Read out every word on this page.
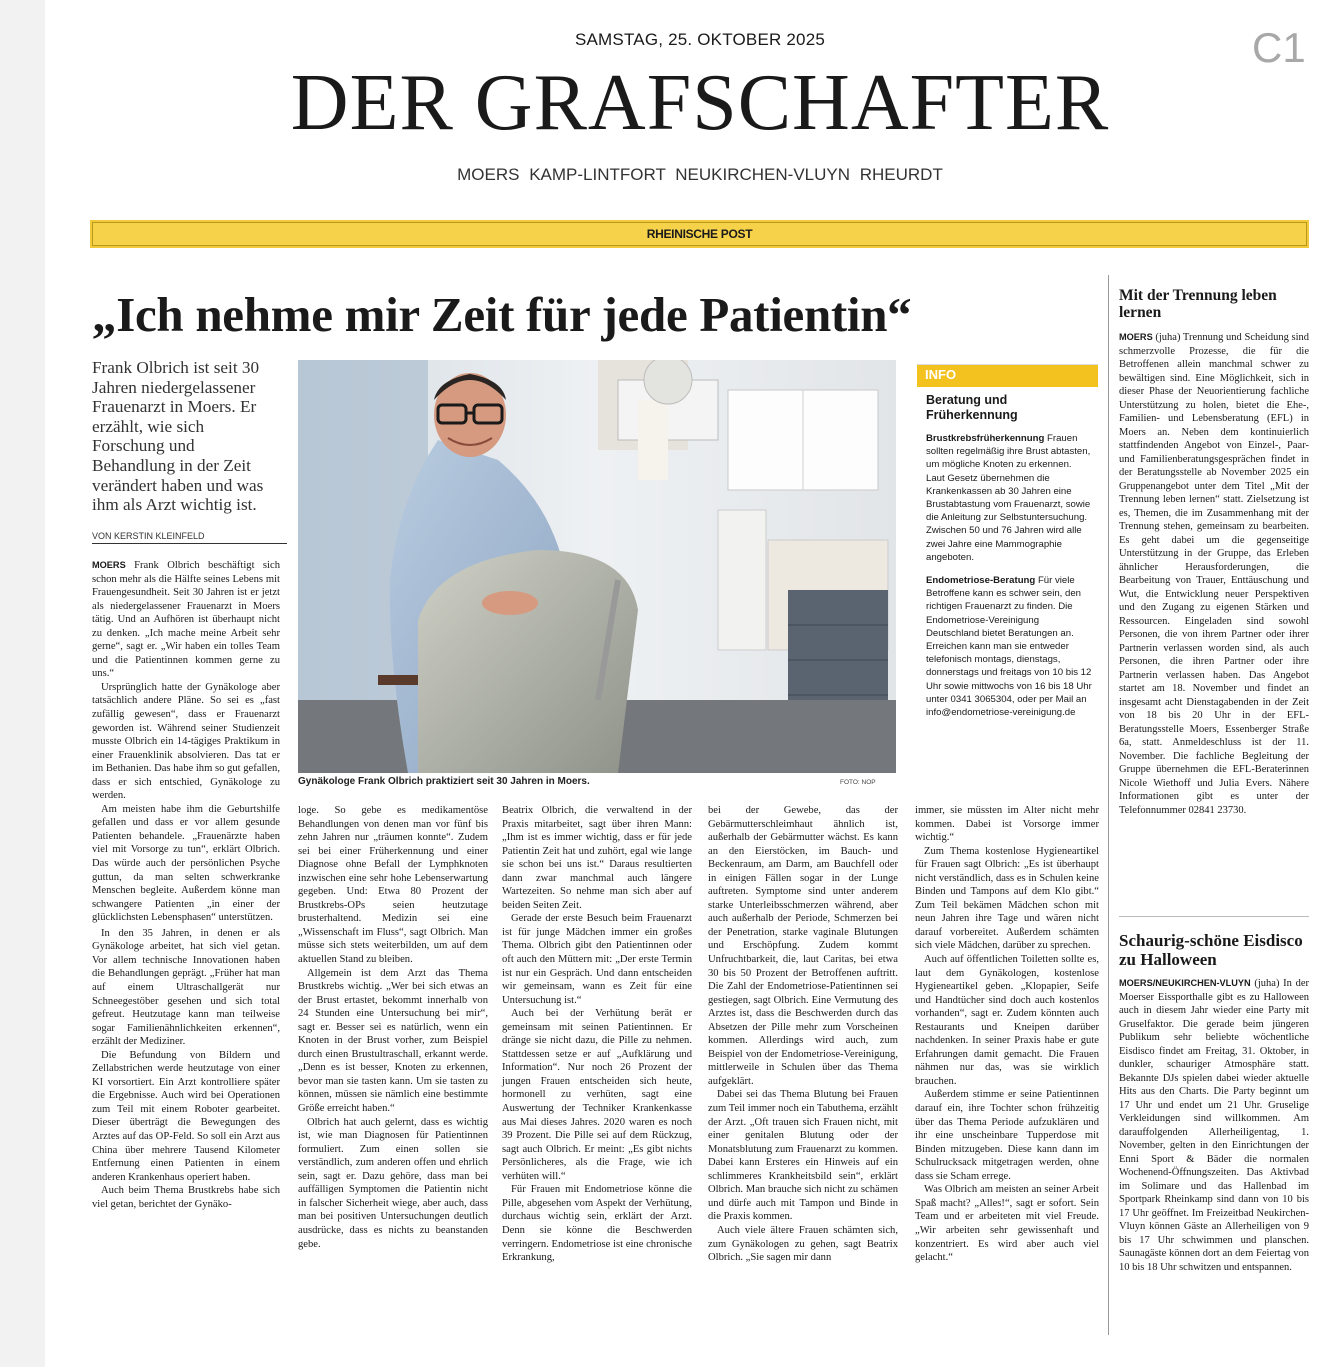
SAMSTAG, 25. OKTOBER 2025	C1
DER GRAFSCHAFTER
MOERS KAMP-LINTFORT NEUKIRCHEN-VLUYN RHEURDT
RHEINISCHE POST
„Ich nehme mir Zeit für jede Patientin“
Frank Olbrich ist seit 30 Jahren niedergelassener Frauenarzt in Moers. Er erzählt, wie sich Forschung und Behandlung in der Zeit verändert haben und was ihm als Arzt wichtig ist.
VON KERSTIN KLEINFELD

MOERS Frank Olbrich beschäftigt sich schon mehr als die Hälfte seines Lebens mit Frauengesundheit. Seit 30 Jahren ist er jetzt als niedergelassener Frauenarzt in Moers tätig. Und an Aufhören ist überhaupt nicht zu denken. „Ich mache meine Arbeit sehr gerne“, sagt er. „Wir haben ein tolles Team und die Patientinnen kommen gerne zu uns.“

Ursprünglich hatte der Gynäkologe aber tatsächlich andere Pläne. So sei es „fast zufällig gewesen“, dass er Frauenarzt geworden ist. Während seiner Studienzeit musste Olbrich ein 14-tägiges Praktikum in einer Frauenklinik absolvieren. Das tat er im Bethanien. Das habe ihm so gut gefallen, dass er sich entschied, Gynäkologe zu werden.

Am meisten habe ihm die Geburtshilfe gefallen und dass er vor allem gesunde Patienten behandele. „Frauenärzte haben viel mit Vorsorge zu tun“, erklärt Olbrich. Das würde auch der persönlichen Psyche guttun, da man selten schwerkranke Menschen begleite. Außerdem könne man schwangere Patienten „in einer der glücklichsten Lebensphasen“ unterstützen.

In den 35 Jahren, in denen er als Gynäkologe arbeitet, hat sich viel getan. Vor allem technische Innovationen haben die Behandlungen geprägt. „Früher hat man auf einem Ultraschallgerät nur Schneegestöber gesehen und sich total gefreut. Heutzutage kann man teilweise sogar Familienähnlichkeiten erkennen“, erzählt der Mediziner.

Die Befundung von Bildern und Zellabstrichen werde heutzutage von einer KI vorsortiert. Ein Arzt kontrolliere später die Ergebnisse. Auch wird bei Operationen zum Teil mit einem Roboter gearbeitet. Dieser überträgt die Bewegungen des Arztes auf das OP-Feld. So soll ein Arzt aus China über mehrere Tausend Kilometer Entfernung einen Patienten in einem anderen Krankenhaus operiert haben.

Auch beim Thema Brustkrebs habe sich viel getan, berichtet der Gynäko-

Gynäkologe Frank Olbrich praktiziert seit 30 Jahren in Moers.	FOTO: NOP
INFO
Beratung und Früherkennung
Brustkrebsfrüherkennung Frauen sollten regelmäßig ihre Brust abtasten, um mögliche Knoten zu erkennen. Laut Gesetz übernehmen die Krankenkassen ab 30 Jahren eine Brustabtastung vom Frauenarzt, sowie die Anleitung zur Selbstuntersuchung. Zwischen 50 und 76 Jahren wird alle zwei Jahre eine Mammographie angeboten.
Endometriose-Beratung Für viele Betroffene kann es schwer sein, den richtigen Frauenarzt zu finden. Die Endometriose-Vereinigung Deutschland bietet Beratungen an. Erreichen kann man sie entweder telefonisch montags, dienstags, donnerstags und freitags von 10 bis 12 Uhr sowie mittwochs von 16 bis 18 Uhr unter 0341 3065304, oder per Mail an info@endometriose-vereinigung.de

loge. So gebe es medikamentöse Behandlungen von denen man vor fünf bis zehn Jahren nur „träumen konnte“. Zudem sei bei einer Früherkennung und einer Diagnose ohne Befall der Lymphknoten inzwischen eine sehr hohe Lebenserwartung gegeben. Und: Etwa 80 Prozent der Brustkrebs-OPs seien heutzutage brusterhaltend. Medizin sei eine „Wissenschaft im Fluss“, sagt Olbrich. Man müsse sich stets weiterbilden, um auf dem aktuellen Stand zu bleiben.

Allgemein ist dem Arzt das Thema Brustkrebs wichtig. „Wer bei sich etwas an der Brust ertastet, bekommt innerhalb von 24 Stunden eine Untersuchung bei mir“, sagt er. Besser sei es natürlich, wenn ein Knoten in der Brust vorher, zum Beispiel durch einen Brustultraschall, erkannt werde. „Denn es ist besser, Knoten zu erkennen, bevor man sie tasten kann. Um sie tasten zu können, müssen sie nämlich eine bestimmte Größe erreicht haben.“

Olbrich hat auch gelernt, dass es wichtig ist, wie man Diagnosen für Patientinnen formuliert. Zum einen sollen sie verständlich, zum anderen offen und ehrlich sein, sagt er. Dazu gehöre, dass man bei auffälligen Symptomen die Patientin nicht in falscher Sicherheit wiege, aber auch, dass man bei positiven Untersuchungen deutlich ausdrücke, dass es nichts zu beanstanden gebe.

Beatrix Olbrich, die verwaltend in der Praxis mitarbeitet, sagt über ihren Mann: „Ihm ist es immer wichtig, dass er für jede Patientin Zeit hat und zuhört, egal wie lange sie schon bei uns ist.“ Daraus resultierten dann zwar manchmal auch längere Wartezeiten. So nehme man sich aber auf beiden Seiten Zeit.

Gerade der erste Besuch beim Frauenarzt ist für junge Mädchen immer ein großes Thema. Olbrich gibt den Patientinnen oder oft auch den Müttern mit: „Der erste Termin ist nur ein Gespräch. Und dann entscheiden wir gemeinsam, wann es Zeit für eine Untersuchung ist.“

Auch bei der Verhütung berät er gemeinsam mit seinen Patientinnen. Er dränge sie nicht dazu, die Pille zu nehmen. Stattdessen setze er auf „Aufklärung und Information“. Nur noch 26 Prozent der jungen Frauen entscheiden sich heute, hormonell zu verhüten, sagt eine Auswertung der Techniker Krankenkasse aus Mai dieses Jahres. 2020 waren es noch 39 Prozent. Die Pille sei auf dem Rückzug, sagt auch Olbrich. Er meint: „Es gibt nichts Persönlicheres, als die Frage, wie ich verhüten will.“

Für Frauen mit Endometriose könne die Pille, abgesehen vom Aspekt der Verhütung, durchaus wichtig sein, erklärt der Arzt. Denn sie könne die Beschwerden verringern. Endometriose ist eine chronische Erkrankung,

bei der Gewebe, das der Gebärmutterschleimhaut ähnlich ist, außerhalb der Gebärmutter wächst. Es kann an den Eierstöcken, im Bauch- und Beckenraum, am Darm, am Bauchfell oder in einigen Fällen sogar in der Lunge auftreten. Symptome sind unter anderem starke Unterleibsschmerzen während, aber auch außerhalb der Periode, Schmerzen bei der Penetration, starke vaginale Blutungen und Erschöpfung. Zudem kommt Unfruchtbarkeit, die, laut Caritas, bei etwa 30 bis 50 Prozent der Betroffenen auftritt. Die Zahl der Endometriose-Patientinnen sei gestiegen, sagt Olbrich. Eine Vermutung des Arztes ist, dass die Beschwerden durch das Absetzen der Pille mehr zum Vorscheinen kommen. Allerdings wird auch, zum Beispiel von der Endometriose-Vereinigung, mittlerweile in Schulen über das Thema aufgeklärt.

Dabei sei das Thema Blutung bei Frauen zum Teil immer noch ein Tabuthema, erzählt der Arzt. „Oft trauen sich Frauen nicht, mit einer genitalen Blutung oder der Monatsblutung zum Frauenarzt zu kommen. Dabei kann Ersteres ein Hinweis auf ein schlimmeres Krankheitsbild sein“, erklärt Olbrich. Man brauche sich nicht zu schämen und dürfe auch mit Tampon und Binde in die Praxis kommen.

Auch viele ältere Frauen schämten sich, zum Gynäkologen zu gehen, sagt Beatrix Olbrich. „Sie sagen mir dann

immer, sie müssten im Alter nicht mehr kommen. Dabei ist Vorsorge immer wichtig.“

Zum Thema kostenlose Hygieneartikel für Frauen sagt Olbrich: „Es ist überhaupt nicht verständlich, dass es in Schulen keine Binden und Tampons auf dem Klo gibt.“ Zum Teil bekämen Mädchen schon mit neun Jahren ihre Tage und wären nicht darauf vorbereitet. Außerdem schämten sich viele Mädchen, darüber zu sprechen.

Auch auf öffentlichen Toiletten sollte es, laut dem Gynäkologen, kostenlose Hygieneartikel geben. „Klopapier, Seife und Handtücher sind doch auch kostenlos vorhanden“, sagt er. Zudem könnten auch Restaurants und Kneipen darüber nachdenken. In seiner Praxis habe er gute Erfahrungen damit gemacht. Die Frauen nähmen nur das, was sie wirklich brauchen.

Außerdem stimme er seine Patientinnen darauf ein, ihre Tochter schon frühzeitig über das Thema Periode aufzuklären und ihr eine unscheinbare Tupperdose mit Binden mitzugeben. Diese kann dann im Schulrucksack mitgetragen werden, ohne dass sie Scham errege.

Was Olbrich am meisten an seiner Arbeit Spaß macht? „Alles!“, sagt er sofort. Sein Team und er arbeiteten mit viel Freude. „Wir arbeiten sehr gewissenhaft und konzentriert. Es wird aber auch viel gelacht.“

Mit der Trennung leben lernen

MOERS (juha) Trennung und Scheidung sind schmerzvolle Prozesse, die für die Betroffenen allein manchmal schwer zu bewältigen sind. Eine Möglichkeit, sich in dieser Phase der Neuorientierung fachliche Unterstützung zu holen, bietet die Ehe-, Familien- und Lebensberatung (EFL) in Moers an. Neben dem kontinuierlich stattfindenden Angebot von Einzel-, Paar- und Familienberatungsgesprächen findet in der Beratungsstelle ab November 2025 ein Gruppenangebot unter dem Titel „Mit der Trennung leben lernen“ statt. Zielsetzung ist es, Themen, die im Zusammenhang mit der Trennung stehen, gemeinsam zu bearbeiten. Es geht dabei um die gegenseitige Unterstützung in der Gruppe, das Erleben ähnlicher Herausforderungen, die Bearbeitung von Trauer, Enttäuschung und Wut, die Entwicklung neuer Perspektiven und den Zugang zu eigenen Stärken und Ressourcen. Eingeladen sind sowohl Personen, die von ihrem Partner oder ihrer Partnerin verlassen worden sind, als auch Personen, die ihren Partner oder ihre Partnerin verlassen haben. Das Angebot startet am 18. November und findet an insgesamt acht Dienstagabenden in der Zeit von 18 bis 20 Uhr in der EFL-Beratungsstelle Moers, Essenberger Straße 6a, statt. Anmeldeschluss ist der 11. November. Die fachliche Begleitung der Gruppe übernehmen die EFL-Beraterinnen Nicole Wiethoff und Julia Evers. Nähere Informationen gibt es unter der Telefonnummer 02841 23730.

Schaurig-schöne Eisdisco zu Halloween

MOERS/NEUKIRCHEN-VLUYN (juha) In der Moerser Eissporthalle gibt es zu Halloween auch in diesem Jahr wieder eine Party mit Gruselfaktor. Die gerade beim jüngeren Publikum sehr beliebte wöchentliche Eisdisco findet am Freitag, 31. Oktober, in dunkler, schauriger Atmosphäre statt. Bekannte DJs spielen dabei wieder aktuelle Hits aus den Charts. Die Party beginnt um 17 Uhr und endet um 21 Uhr. Gruselige Verkleidungen sind willkommen. Am darauffolgenden Allerheiligentag, 1. November, gelten in den Einrichtungen der Enni Sport & Bäder die normalen Wochenend-Öffnungszeiten. Das Aktivbad im Solimare und das Hallenbad im Sportpark Rheinkamp sind dann von 10 bis 17 Uhr geöffnet. Im Freizeitbad Neukirchen-Vluyn können Gäste an Allerheiligen von 9 bis 17 Uhr schwimmen und planschen. Saunagäste können dort an dem Feiertag von 10 bis 18 Uhr schwitzen und entspannen.
